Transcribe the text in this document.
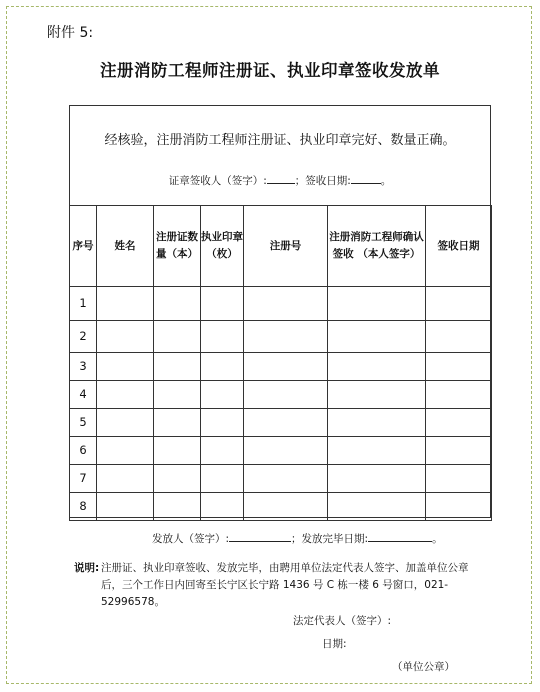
附件 5:
注册消防工程师注册证、执业印章签收发放单
经核验，注册消防工程师注册证、执业印章完好、数量正确。
证章签收人（签字）:	；签收日期:	。
序号	姓名	注册证数量（本）	执业印章（枚）	注册号	注册消防工程师确认签收 （本人签字）	签收日期
1						
2						
3						
4						
5						
6						
7						
8						
发放人（签字）:	；发放完毕日期:	。
说明: 注册证、执业印章签收、发放完毕，由聘用单位法定代表人签字、加盖单位公章后，三个工作日内回寄至长宁区长宁路 1436 号 C 栋一楼 6 号窗口，021-52996578。
法定代表人（签字）:
日期:
（单位公章）
